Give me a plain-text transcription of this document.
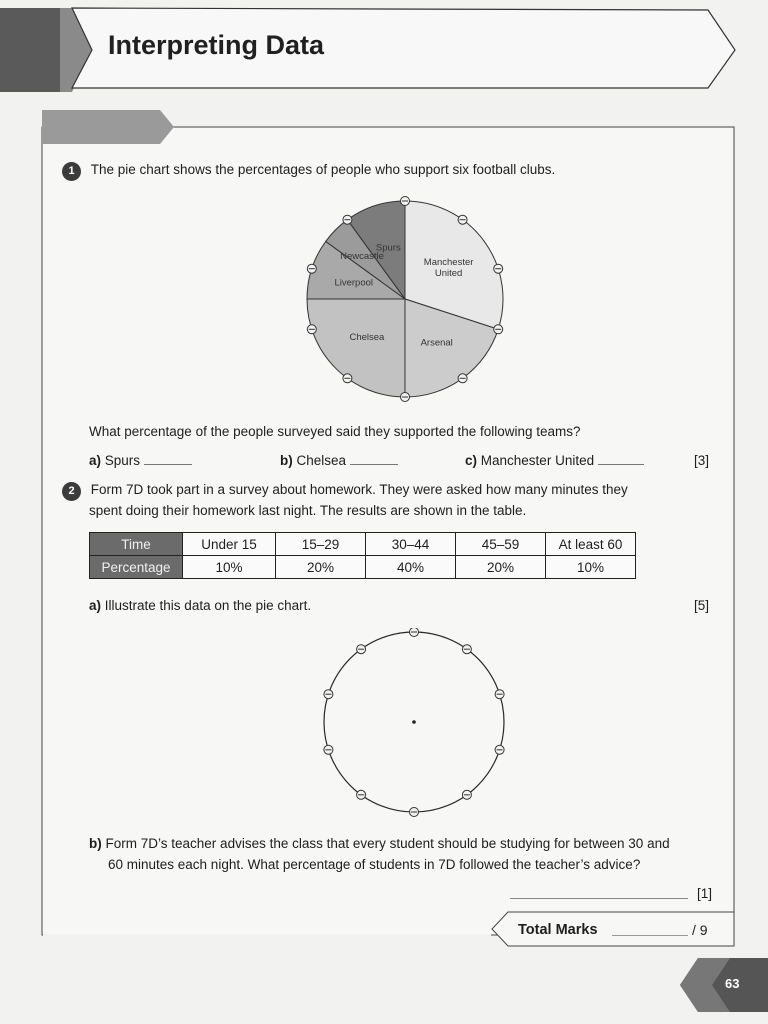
Interpreting Data
1 The pie chart shows the percentages of people who support six football clubs.
Manchester
United
Arsenal
Chelsea
Liverpool
Newcastle
Spurs
What percentage of the people surveyed said they supported the following teams?
a) Spurs	b) Chelsea	c) Manchester United	[3]
2 Form 7D took part in a survey about homework. They were asked how many minutes they
spent doing their homework last night. The results are shown in the table.
Time	Under 15	15–29	30–44	45–59	At least 60
Percentage	10%	20%	40%	20%	10%
a) Illustrate this data on the pie chart.	[5]
b) Form 7D’s teacher advises the class that every student should be studying for between 30 and
60 minutes each night. What percentage of students in 7D followed the teacher’s advice?
[1]
Total Marks	/ 9
63
